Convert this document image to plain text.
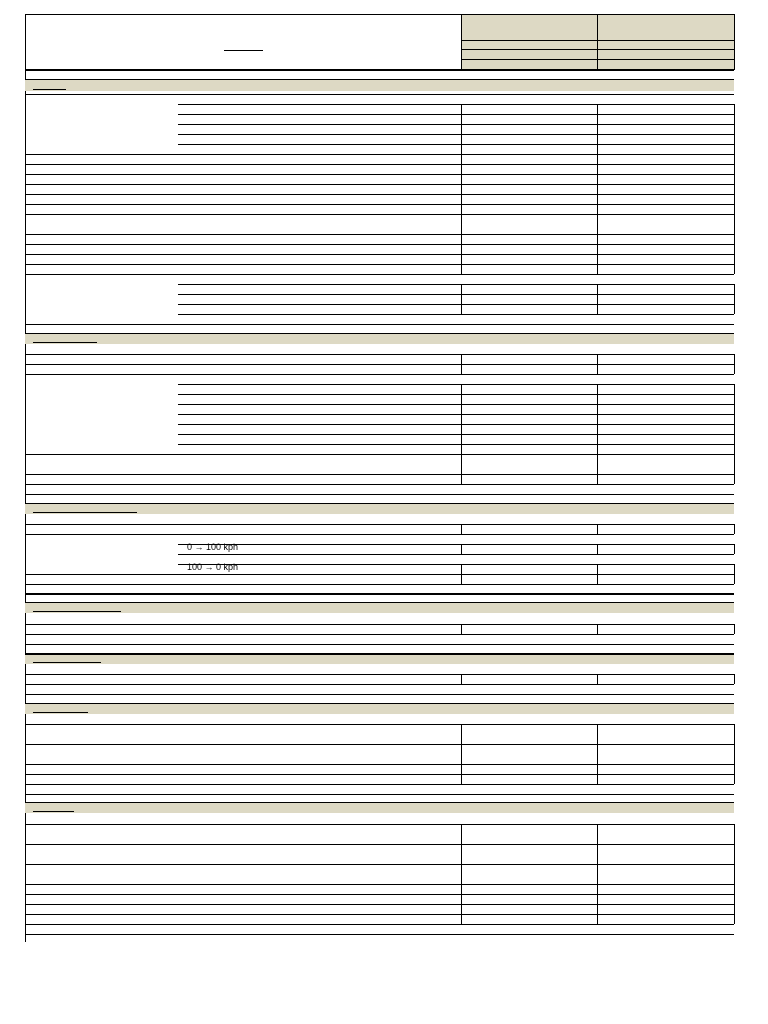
0 → 100 kph
100 → 0 kph
